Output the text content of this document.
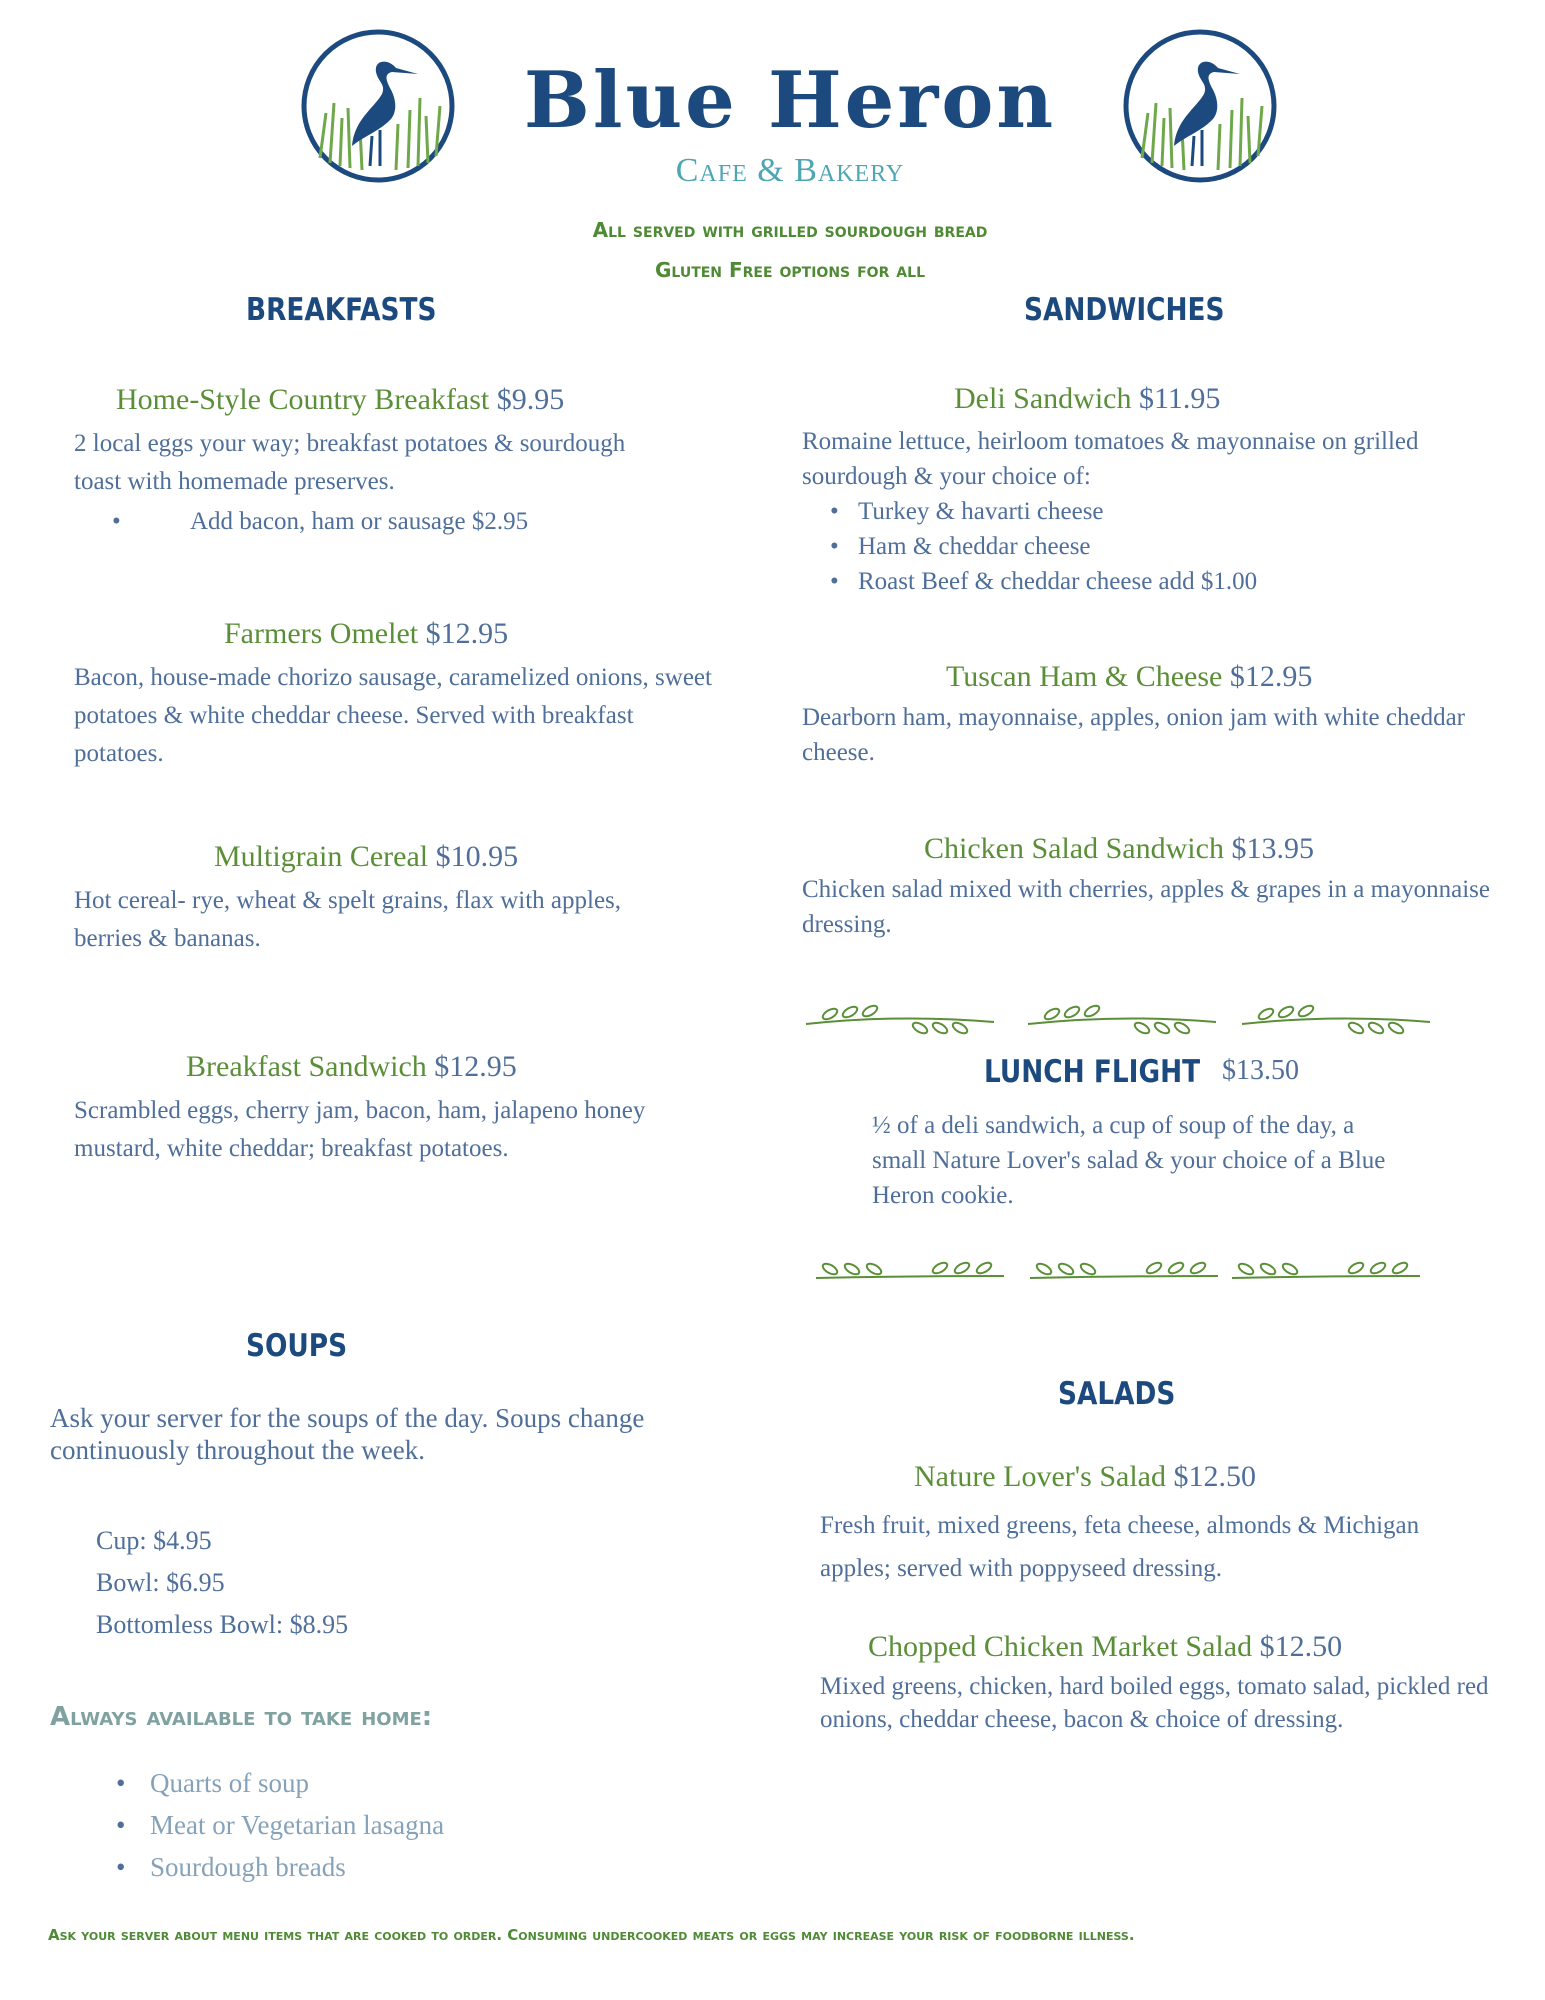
Blue Heron
Cafe & Bakery
All served with grilled sourdough bread
Gluten Free options for all
BREAKFASTS
Home-Style Country Breakfast $9.95
2 local eggs your way; breakfast potatoes & sourdough toast with homemade preserves.
• Add bacon, ham or sausage $2.95
Farmers Omelet $12.95
Bacon, house-made chorizo sausage, caramelized onions, sweet potatoes & white cheddar cheese. Served with breakfast potatoes.
Multigrain Cereal $10.95
Hot cereal- rye, wheat & spelt grains, flax with apples, berries & bananas.
Breakfast Sandwich $12.95
Scrambled eggs, cherry jam, bacon, ham, jalapeno honey mustard, white cheddar; breakfast potatoes.
SANDWICHES
Deli Sandwich $11.95
Romaine lettuce, heirloom tomatoes & mayonnaise on grilled sourdough & your choice of:
• Turkey & havarti cheese
• Ham & cheddar cheese
• Roast Beef & cheddar cheese add $1.00
Tuscan Ham & Cheese $12.95
Dearborn ham, mayonnaise, apples, onion jam with white cheddar cheese.
Chicken Salad Sandwich $13.95
Chicken salad mixed with cherries, apples & grapes in a mayonnaise dressing.
LUNCH FLIGHT $13.50
½ of a deli sandwich, a cup of soup of the day, a small Nature Lover's salad & your choice of a Blue Heron cookie.
SOUPS
Ask your server for the soups of the day. Soups change continuously throughout the week.
Cup: $4.95
Bowl: $6.95
Bottomless Bowl: $8.95
Always available to take home:
• Quarts of soup
• Meat or Vegetarian lasagna
• Sourdough breads
SALADS
Nature Lover's Salad $12.50
Fresh fruit, mixed greens, feta cheese, almonds & Michigan apples; served with poppyseed dressing.
Chopped Chicken Market Salad $12.50
Mixed greens, chicken, hard boiled eggs, tomato salad, pickled red onions, cheddar cheese, bacon & choice of dressing.
Ask your server about menu items that are cooked to order. Consuming undercooked meats or eggs may increase your risk of foodborne illness.
